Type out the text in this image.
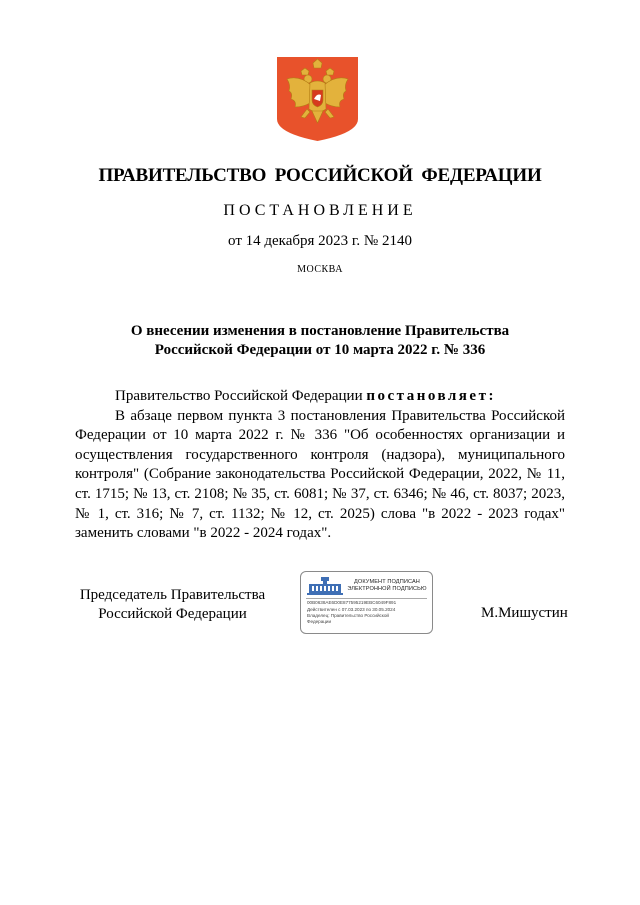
ПРАВИТЕЛЬСТВО РОССИЙСКОЙ ФЕДЕРАЦИИ
ПОСТАНОВЛЕНИЕ
от 14 декабря 2023 г. № 2140
МОСКВА
О внесении изменения в постановление Правительства
Российской Федерации от 10 марта 2022 г. № 336

Правительство Российской Федерации постановляет:

В абзаце первом пункта 3 постановления Правительства Российской Федерации от 10 марта 2022 г. № 336 "Об особенностях организации и осуществления государственного контроля (надзора), муниципального контроля" (Собрание законодательства Российской Федерации, 2022, № 11, ст. 1715; № 13, ст. 2108; № 35, ст. 6081; № 37, ст. 6346; № 46, ст. 8037; 2023, № 1, ст. 316; № 7, ст. 1132; № 12, ст. 2025) слова "в 2022 - 2023 годах" заменить словами "в 2022 - 2024 годах".

Председатель Правительства
Российской Федерации
ДОКУМЕНТ ПОДПИСАН
ЭЛЕКТРОННОЙ ПОДПИСЬЮ
00B0638AE6D0E877595219EBC6049F891
Действителен с 07.03.2023 по 30.05.2024
Владелец: Правительство Российской
Федерации
М.Мишустин
